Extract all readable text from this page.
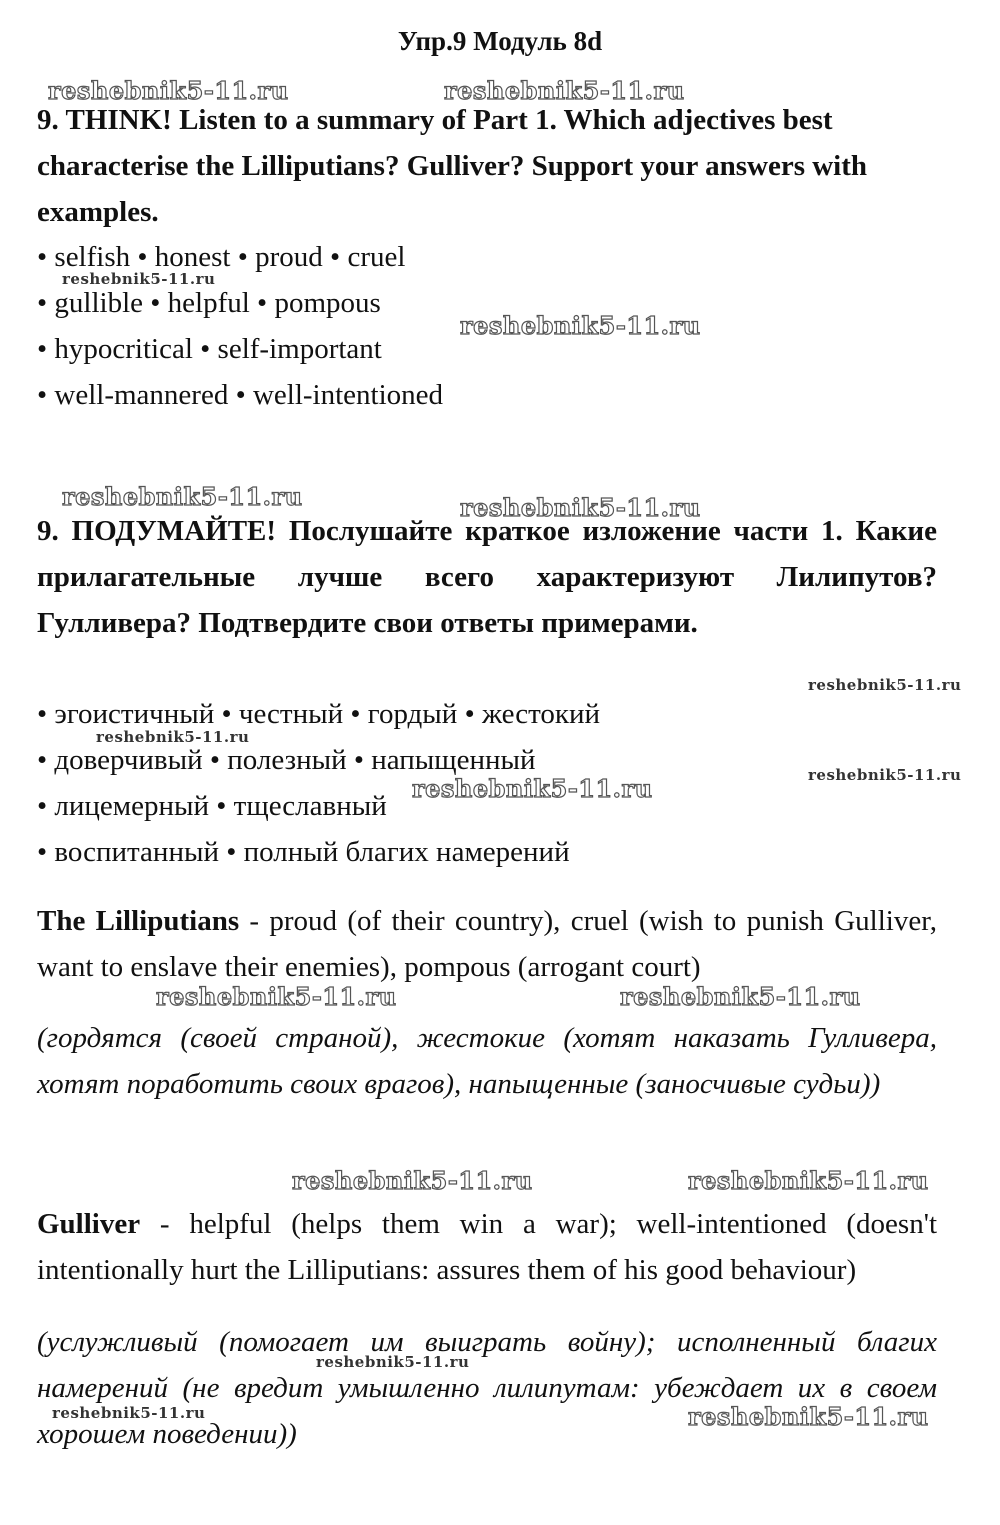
Упр.9 Модуль 8d
9. THINK! Listen to a summary of Part 1. Which adjectives best characterise the Lilliputians? Gulliver? Support your answers with examples.
• selfish • honest • proud • cruel
• gullible • helpful • pompous
• hypocritical • self-important
• well-mannered • well-intentioned
9. ПОДУМАЙТЕ! Послушайте краткое изложение части 1. Какие прилагательные лучше всего характеризуют Лилипутов? Гулливера? Подтвердите свои ответы примерами.
• эгоистичный • честный • гордый • жестокий
• доверчивый • полезный • напыщенный
• лицемерный • тщеславный
• воспитанный • полный благих намерений
The Lilliputians - proud (of their country), cruel (wish to punish Gulliver, want to enslave their enemies), pompous (arrogant court)
(гордятся (своей страной), жестокие (хотят наказать Гулливера, хотят поработить своих врагов), напыщенные (заносчивые судьи))
Gulliver - helpful (helps them win a war); well-intentioned (doesn't intentionally hurt the Lilliputians: assures them of his good behaviour)
(услужливый (помогает им выиграть войну); исполненный благих намерений (не вредит умышленно лилипутам: убеждает их в своем хорошем поведении))
reshebnik5-11.ru	reshebnik5-11.ru
reshebnik5-11.ru
reshebnik5-11.ru
reshebnik5-11.ru	reshebnik5-11.ru
reshebnik5-11.ru
reshebnik5-11.ru
reshebnik5-11.ru
reshebnik5-11.ru
reshebnik5-11.ru	reshebnik5-11.ru
reshebnik5-11.ru	reshebnik5-11.ru
reshebnik5-11.ru
reshebnik5-11.ru	reshebnik5-11.ru
